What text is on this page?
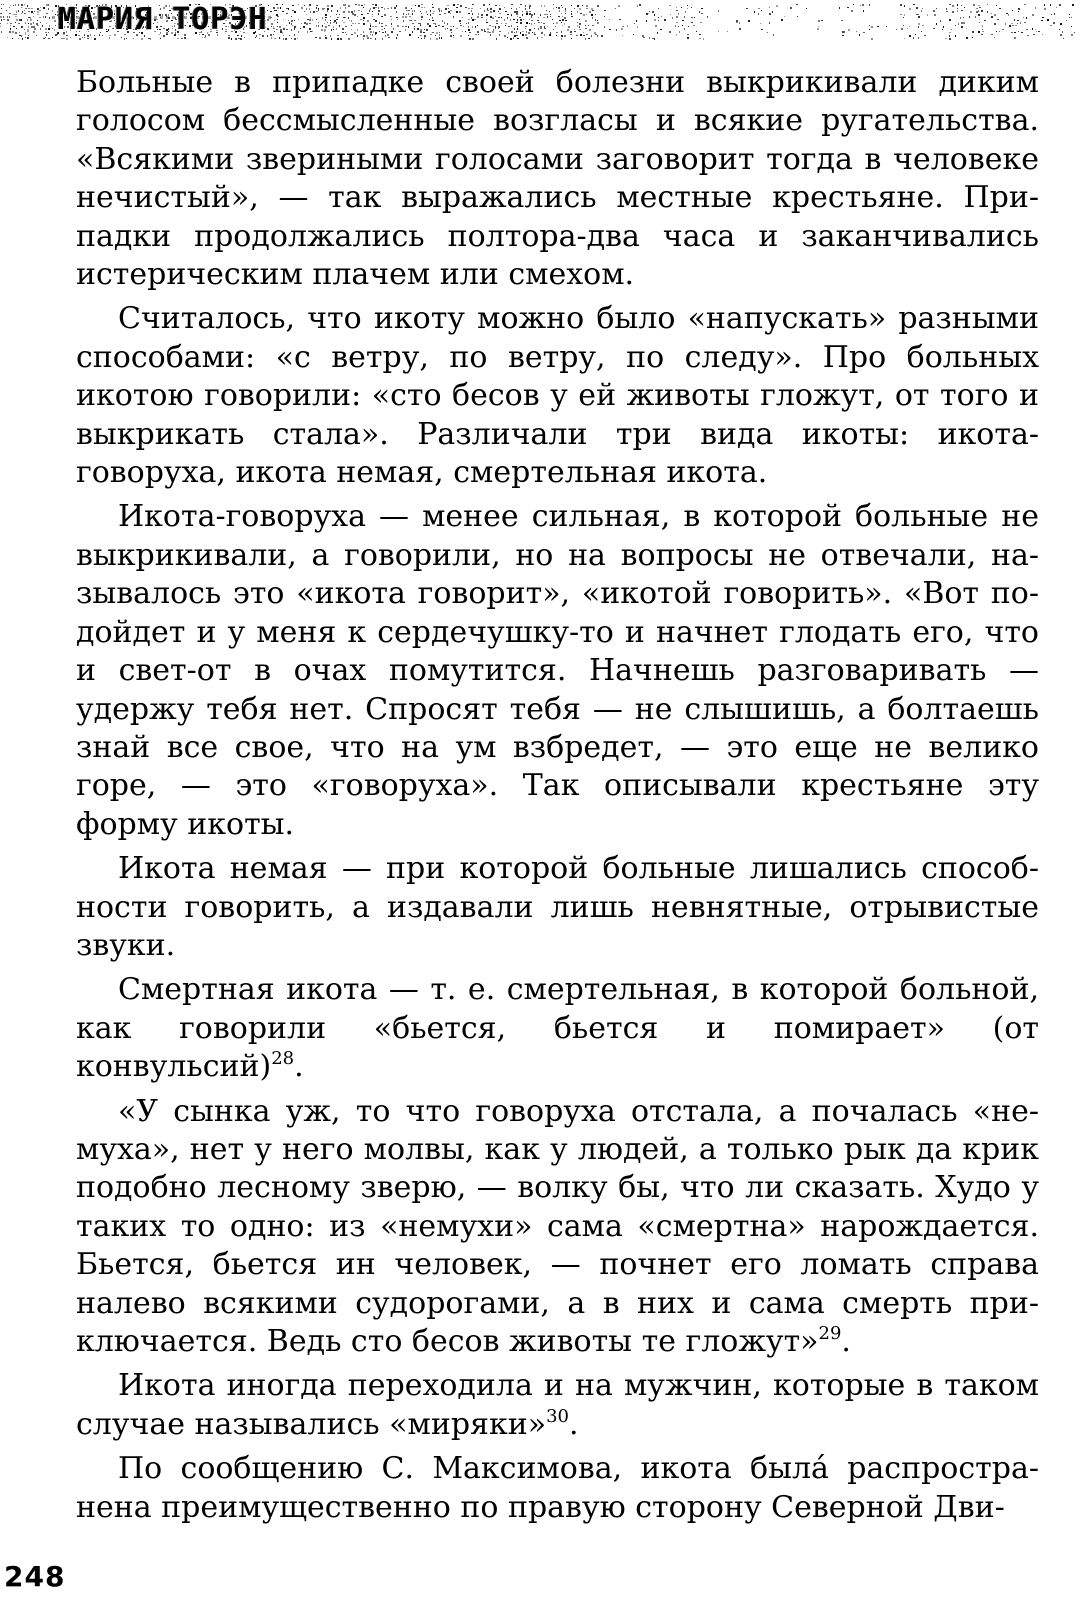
МАРИЯ ТОРЭН

Больные в припадке своей болезни выкрикивали диким голосом бессмысленные возгласы и всякие ругательства. «Всякими звериными голосами заговорит тогда в человеке нечистый», — так выражались местные крестьяне. Припадки продолжались полтора-два часа и заканчивались истерическим плачем или смехом.

Считалось, что икоту можно было «напускать» разными способами: «с ветру, по ветру, по следу». Про больных икотою говорили: «сто бесов у ей животы гложут, от того и выкрикать стала». Различали три вида икоты: икота-говоруха, икота немая, смертельная икота.

Икота-говоруха — менее сильная, в которой больные не выкрикивали, а говорили, но на вопросы не отвечали, называлось это «икота говорит», «икотой говорить». «Вот подойдет и у меня к сердечушку-то и начнет глодать его, что и свет-от в очах помутится. Начнешь разговаривать — удержу тебя нет. Спросят тебя — не слышишь, а болтаешь знай все свое, что на ум взбредет, — это еще не велико горе, — это «говоруха». Так описывали крестьяне эту форму икоты.

Икота немая — при которой больные лишались способности говорить, а издавали лишь невнятные, отрывистые звуки.

Смертная икота — т. е. смертельная, в которой больной, как говорили «бьется, бьется и помирает» (от конвульсий)$^{28}$.

«У сынка уж, то что говоруха отстала, а почалась «немуха», нет у него молвы, как у людей, а только рык да крик подобно лесному зверю, — волку бы, что ли сказать. Худо у таких то одно: из «немухи» сама «смертна» нарождается. Бьется, бьется ин человек, — почнет его ломать справа налево всякими судорогами, а в них и сама смерть приключается. Ведь сто бесов животы те гложут»$^{29}$.

Икота иногда переходила и на мужчин, которые в таком случае назывались «миряки»$^{30}$.

По сообщению С. Максимова, икота была́ распространена преимущественно по правую сторону Северной Дви-

248
